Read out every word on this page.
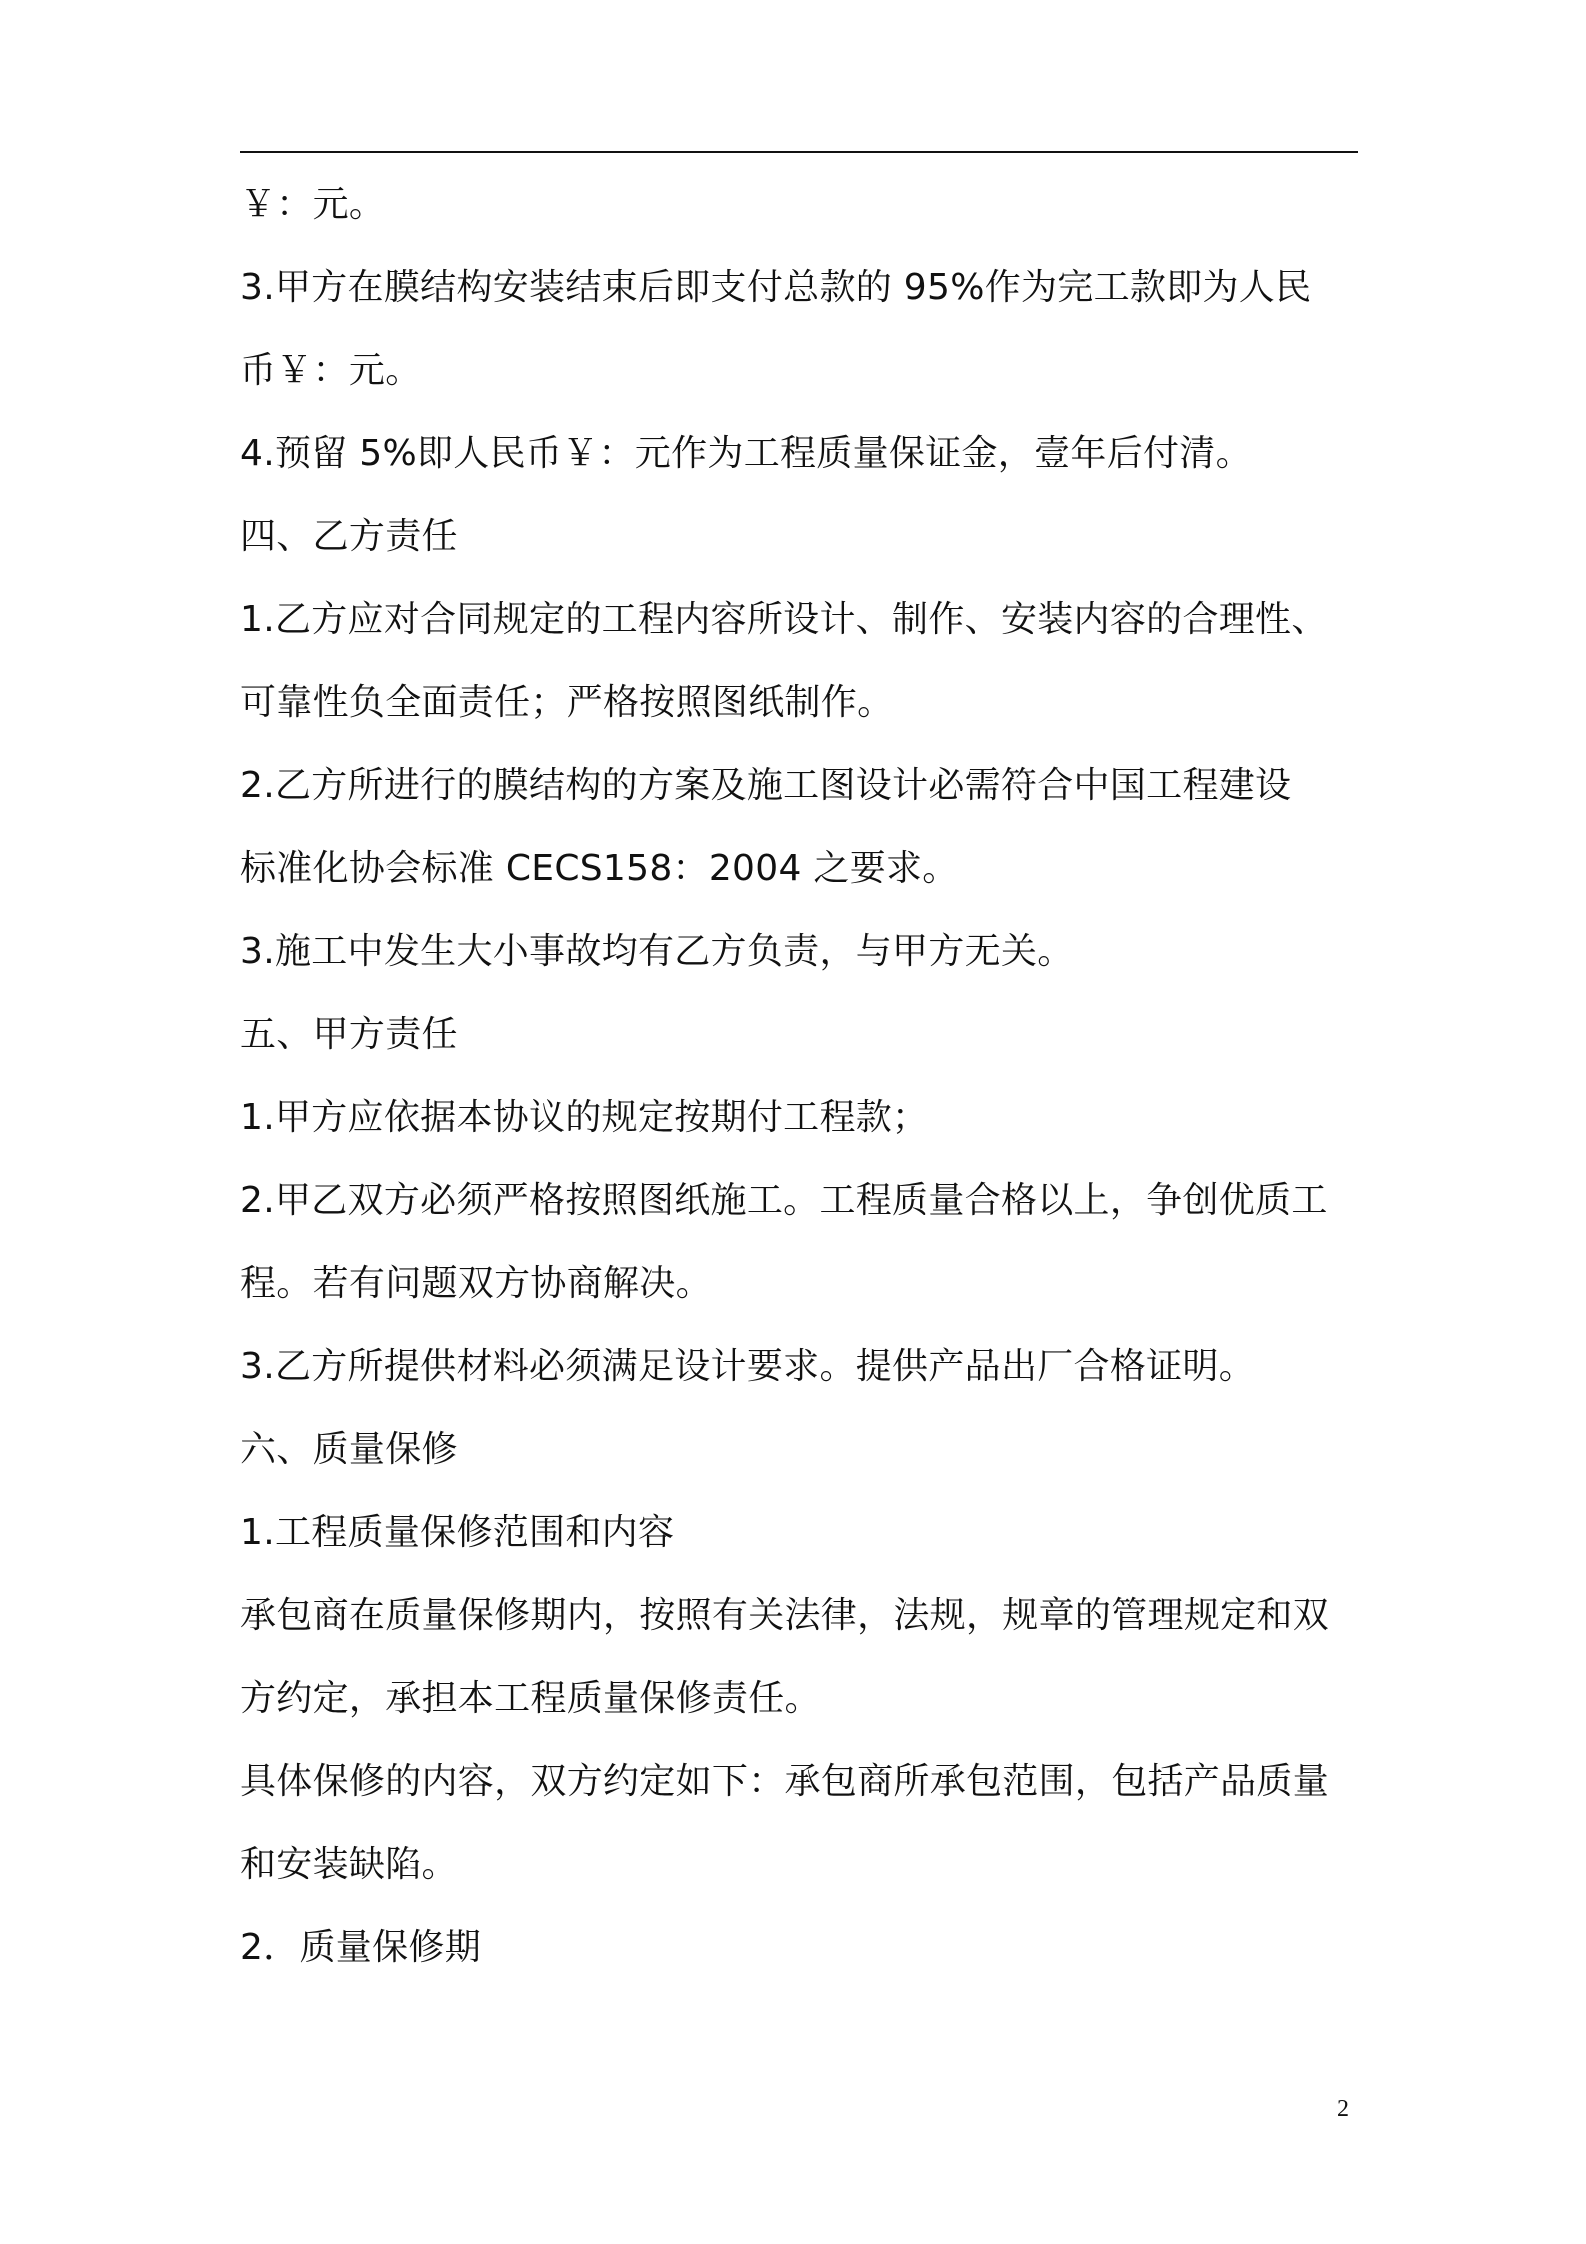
￥：元。
3.甲方在膜结构安装结束后即支付总款的 95%作为完工款即为人民
币￥：元。
4.预留 5%即人民币￥：元作为工程质量保证金，壹年后付清。
四、乙方责任
1.乙方应对合同规定的工程内容所设计、制作、安装内容的合理性、
可靠性负全面责任；严格按照图纸制作。
2.乙方所进行的膜结构的方案及施工图设计必需符合中国工程建设
标准化协会标准 CECS158：2004 之要求。
3.施工中发生大小事故均有乙方负责，与甲方无关。
五、甲方责任
1.甲方应依据本协议的规定按期付工程款；
2.甲乙双方必须严格按照图纸施工。工程质量合格以上，争创优质工
程。若有问题双方协商解决。
3.乙方所提供材料必须满足设计要求。提供产品出厂合格证明。
六、质量保修
1.工程质量保修范围和内容
承包商在质量保修期内，按照有关法律，法规，规章的管理规定和双
方约定，承担本工程质量保修责任。
具体保修的内容，双方约定如下：承包商所承包范围，包括产品质量
和安装缺陷。
2．质量保修期
2
